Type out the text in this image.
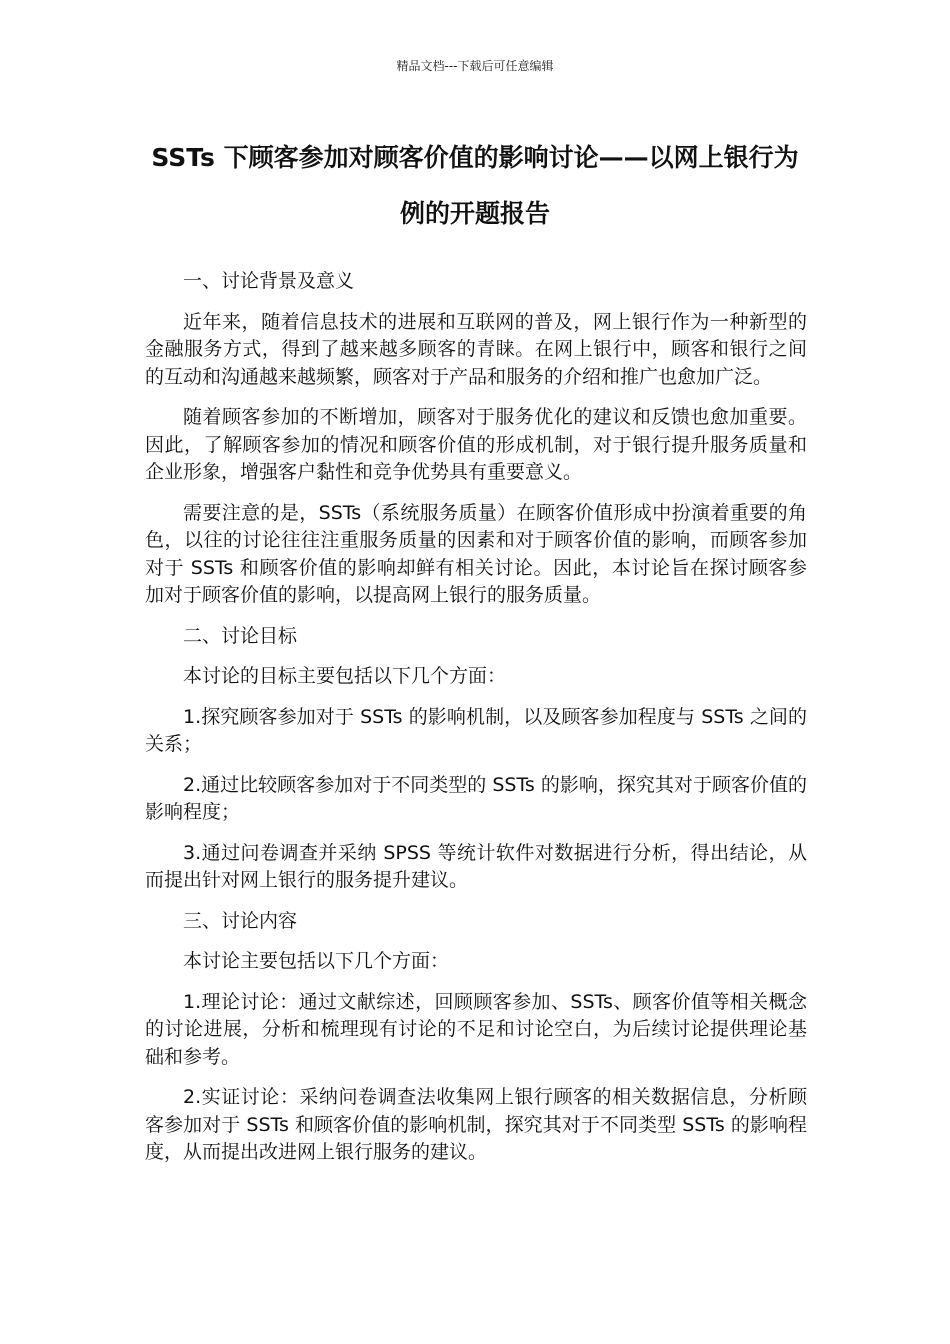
精品文档---下载后可任意编辑
SSTs 下顾客参加对顾客价值的影响讨论——以网上银行为例的开题报告

一、讨论背景及意义

近年来，随着信息技术的进展和互联网的普及，网上银行作为一种新型的金融服务方式，得到了越来越多顾客的青睐。在网上银行中，顾客和银行之间的互动和沟通越来越频繁，顾客对于产品和服务的介绍和推广也愈加广泛。

随着顾客参加的不断增加，顾客对于服务优化的建议和反馈也愈加重要。因此，了解顾客参加的情况和顾客价值的形成机制，对于银行提升服务质量和企业形象，增强客户黏性和竞争优势具有重要意义。

需要注意的是，SSTs（系统服务质量）在顾客价值形成中扮演着重要的角色，以往的讨论往往注重服务质量的因素和对于顾客价值的影响，而顾客参加对于 SSTs 和顾客价值的影响却鲜有相关讨论。因此，本讨论旨在探讨顾客参加对于顾客价值的影响，以提高网上银行的服务质量。

二、讨论目标

本讨论的目标主要包括以下几个方面：

1.探究顾客参加对于 SSTs 的影响机制，以及顾客参加程度与 SSTs 之间的关系；

2.通过比较顾客参加对于不同类型的 SSTs 的影响，探究其对于顾客价值的影响程度；

3.通过问卷调查并采纳 SPSS 等统计软件对数据进行分析，得出结论，从而提出针对网上银行的服务提升建议。

三、讨论内容

本讨论主要包括以下几个方面：

1.理论讨论：通过文献综述，回顾顾客参加、SSTs、顾客价值等相关概念的讨论进展，分析和梳理现有讨论的不足和讨论空白，为后续讨论提供理论基础和参考。

2.实证讨论：采纳问卷调查法收集网上银行顾客的相关数据信息，分析顾客参加对于 SSTs 和顾客价值的影响机制，探究其对于不同类型 SSTs 的影响程度，从而提出改进网上银行服务的建议。
